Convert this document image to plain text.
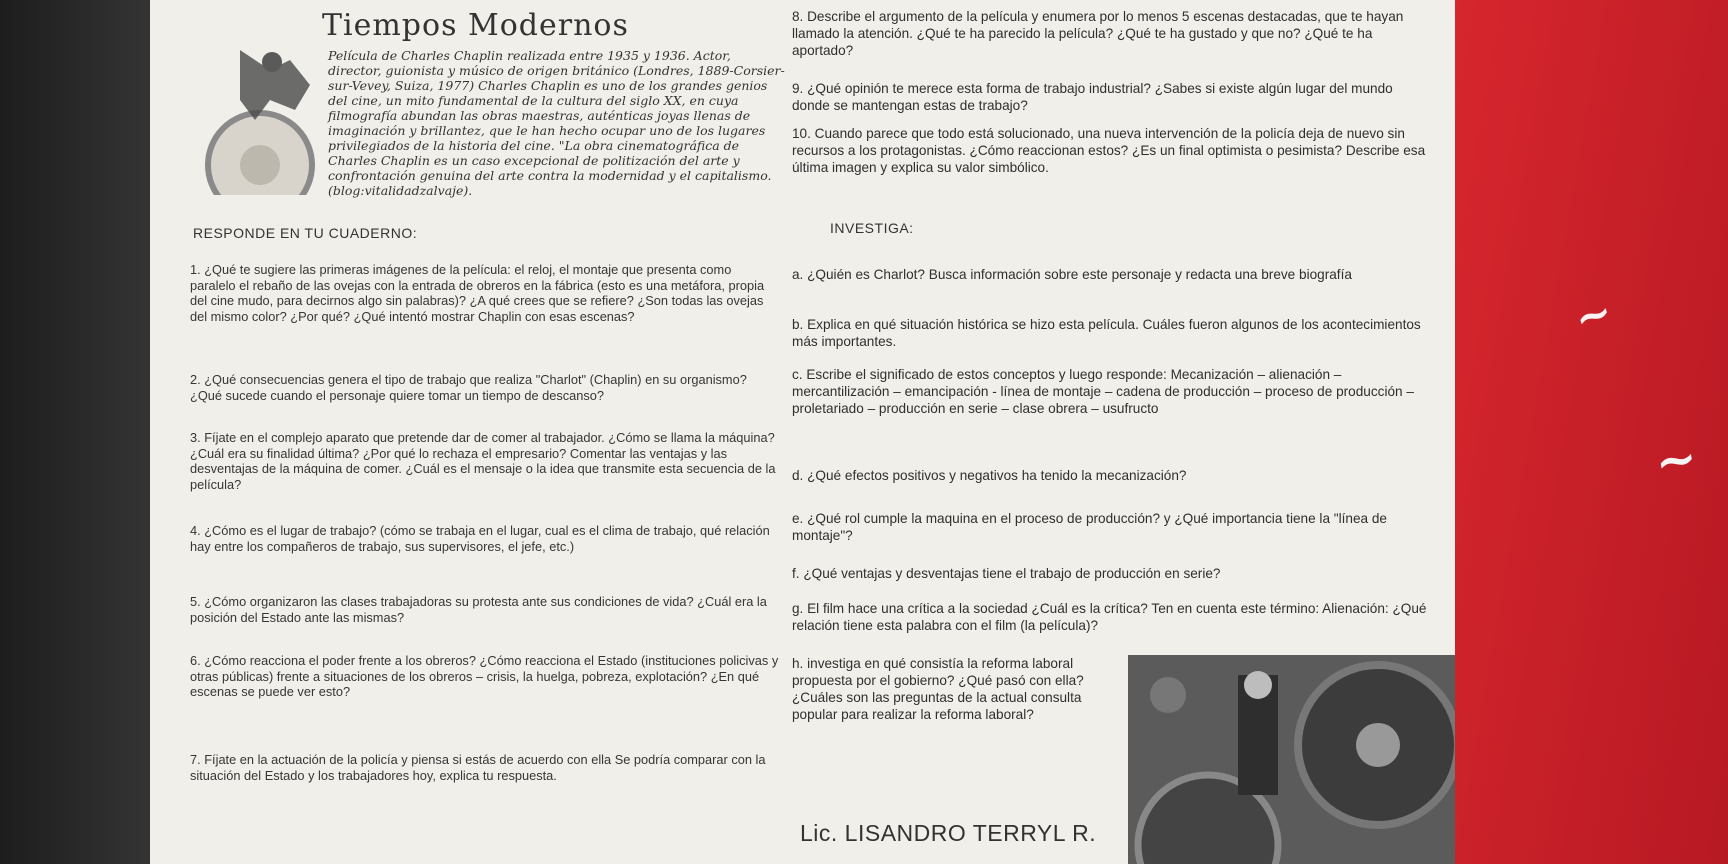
Tiempos Modernos
Película de Charles Chaplin realizada entre 1935 y 1936. Actor, director, guionista y músico de origen británico (Londres, 1889-Corsier-sur-Vevey, Suiza, 1977) Charles Chaplin es uno de los grandes genios del cine, un mito fundamental de la cultura del siglo XX, en cuya filmografía abundan las obras maestras, auténticas joyas llenas de imaginación y brillantez, que le han hecho ocupar uno de los lugares privilegiados de la historia del cine. "La obra cinematográfica de Charles Chaplin es un caso excepcional de politización del arte y confrontación genuina del arte contra la modernidad y el capitalismo. (blog:vitalidadzalvaje).
8. Describe el argumento de la película y enumera por lo menos 5 escenas destacadas, que te hayan llamado la atención. ¿Qué te ha parecido la película? ¿Qué te ha gustado y que no? ¿Qué te ha aportado?
9. ¿Qué opinión te merece esta forma de trabajo industrial? ¿Sabes si existe algún lugar del mundo donde se mantengan estas de trabajo?
10. Cuando parece que todo está solucionado, una nueva intervención de la policía deja de nuevo sin recursos a los protagonistas. ¿Cómo reaccionan estos? ¿Es un final optimista o pesimista? Describe esa última imagen y explica su valor simbólico.
RESPONDE EN TU CUADERNO:	INVESTIGA:
1. ¿Qué te sugiere las primeras imágenes de la película: el reloj, el montaje que presenta como paralelo el rebaño de las ovejas con la entrada de obreros en la fábrica (esto es una metáfora, propia del cine mudo, para decirnos algo sin palabras)? ¿A qué crees que se refiere? ¿Son todas las ovejas del mismo color? ¿Por qué? ¿Qué intentó mostrar Chaplin con esas escenas?
2. ¿Qué consecuencias genera el tipo de trabajo que realiza "Charlot" (Chaplin) en su organismo? ¿Qué sucede cuando el personaje quiere tomar un tiempo de descanso?
3. Fíjate en el complejo aparato que pretende dar de comer al trabajador. ¿Cómo se llama la máquina? ¿Cuál era su finalidad última? ¿Por qué lo rechaza el empresario? Comentar las ventajas y las desventajas de la máquina de comer. ¿Cuál es el mensaje o la idea que transmite esta secuencia de la película?
4. ¿Cómo es el lugar de trabajo? (cómo se trabaja en el lugar, cual es el clima de trabajo, qué relación hay entre los compañeros de trabajo, sus supervisores, el jefe, etc.)
5. ¿Cómo organizaron las clases trabajadoras su protesta ante sus condiciones de vida? ¿Cuál era la posición del Estado ante las mismas?
6. ¿Cómo reacciona el poder frente a los obreros? ¿Cómo reacciona el Estado (instituciones policivas y otras públicas) frente a situaciones de los obreros – crisis, la huelga, pobreza, explotación? ¿En qué escenas se puede ver esto?
7. Fíjate en la actuación de la policía y piensa si estás de acuerdo con ella Se podría comparar con la situación del Estado y los trabajadores hoy, explica tu respuesta.
a. ¿Quién es Charlot? Busca información sobre este personaje y redacta una breve biografía
b. Explica en qué situación histórica se hizo esta película. Cuáles fueron algunos de los acontecimientos más importantes.
c. Escribe el significado de estos conceptos y luego responde: Mecanización – alienación – mercantilización – emancipación - línea de montaje – cadena de producción – proceso de producción – proletariado – producción en serie – clase obrera – usufructo
d. ¿Qué efectos positivos y negativos ha tenido la mecanización?
e. ¿Qué rol cumple la maquina en el proceso de producción? y ¿Qué importancia tiene la "línea de montaje"?
f. ¿Qué ventajas y desventajas tiene el trabajo de producción en serie?
g. El film hace una crítica a la sociedad ¿Cuál es la crítica? Ten en cuenta este término: Alienación: ¿Qué relación tiene esta palabra con el film (la película)?
h. investiga en qué consistía la reforma laboral propuesta por el gobierno? ¿Qué pasó con ella? ¿Cuáles son las preguntas de la actual consulta popular para realizar la reforma laboral?
Lic. LISANDRO TERRYL R.
~
~
